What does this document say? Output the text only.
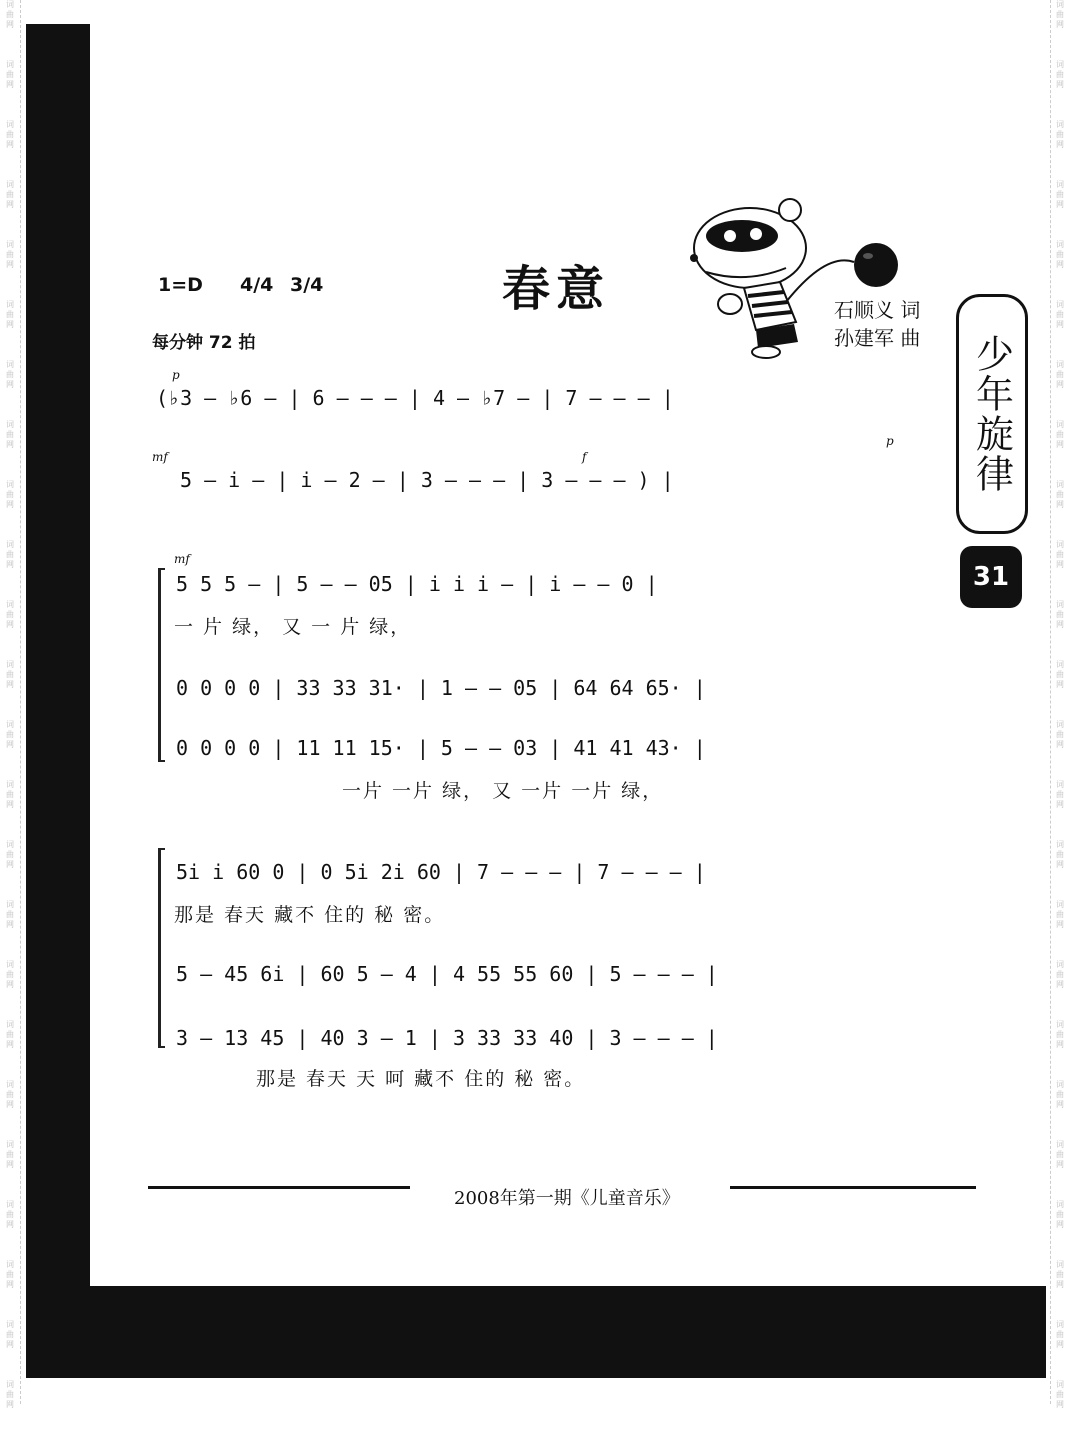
词
曲
网
词
曲
网
词
曲
网
词
曲
网
词
曲
网
词
曲
网
词
曲
网
词
曲
网
词
曲
网
词
曲
网
词
曲
网
词
曲
网
词
曲
网
词
曲
网
词
曲
网
词
曲
网
词
曲
网
词
曲
网
词
曲
网
词
曲
网
词
曲
网
词
曲
网
词
曲
网
词
曲
网
词
曲
网
词
曲
网
词
曲
网
词
曲
网
词
曲
网
词
曲
网
词
曲
网
词
曲
网
词
曲
网
词
曲
网
词
曲
网
词
曲
网
词
曲
网
词
曲
网
词
曲
网
词
曲
网
词
曲
网
词
曲
网
词
曲
网
词
曲
网
词
曲
网
词
曲
网
词
曲
网
词
曲
网
1=D 4/4 3/4
每分钟 72 拍
春意	石顺义 词
孙建军 曲
p
(♭3 – ♭6 – | 6 – – – | 4 – ♭7 – | 7 – – – |
mf	f
p
5 – i – | i – 2 – | 3 – – – | 3 – – – ) |
mf
5 5 5 – | 5 – – 05 | i i i – | i – – 0 |
一 片 绿， 又 一 片 绿，
0 0 0 0 | 33 33 31· | 1 – – 05 | 64 64 65· |
0 0 0 0 | 11 11 15· | 5 – – 03 | 41 41 43· |
一片 一片 绿， 又 一片 一片 绿，
5i i 60 0 | 0 5i 2i 60 | 7 – – – | 7 – – – |
那是 春天 藏不 住的 秘 密。
5 – 45 6i | 60 5 – 4 | 4 55 55 60 | 5 – – – |
3 – 13 45 | 40 3 – 1 | 3 33 33 40 | 3 – – – |
那是 春天 天 呵 藏不 住的 秘 密。
2008年第一期《儿童音乐》
少年旋律
31
